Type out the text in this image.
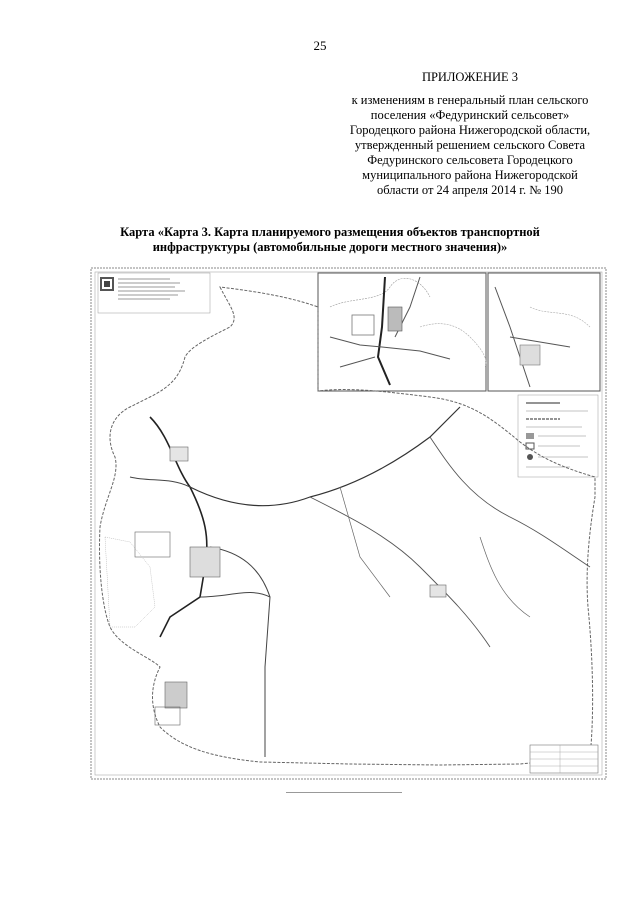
25
ПРИЛОЖЕНИЕ 3
к изменениям в генеральный план сельского
поселения «Федуринский сельсовет»
Городецкого района Нижегородской области,
утвержденный решением сельского Совета
Федуринского сельсовета Городецкого
муниципального района Нижегородской
области от 24 апреля 2014 г. № 190
Карта «Карта 3. Карта планируемого размещения объектов транспортной
инфраструктуры (автомобильные дороги местного значения)»
